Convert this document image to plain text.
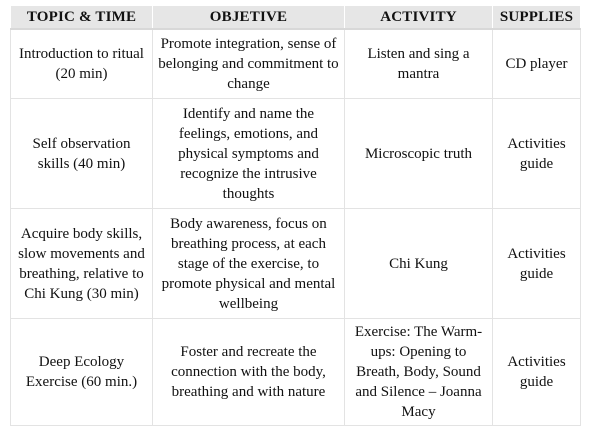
TOPIC & TIME	OBJETIVE	ACTIVITY	SUPPLIES
Introduction to ritual (20 min)	Promote integration, sense of belonging and commitment to change	Listen and sing a mantra	CD player
Self observation skills (40 min)	Identify and name the feelings, emotions, and physical symptoms and recognize the intrusive thoughts	Microscopic truth	Activities guide
Acquire body skills, slow movements and breathing, relative to Chi Kung (30 min)	Body awareness, focus on breathing process, at each stage of the exercise, to promote physical and mental wellbeing	Chi Kung	Activities guide
Deep Ecology Exercise (60 min.)	Foster and recreate the connection with the body, breathing and with nature	Exercise: The Warm-ups: Opening to Breath, Body, Sound and Silence – Joanna Macy	Activities guide
